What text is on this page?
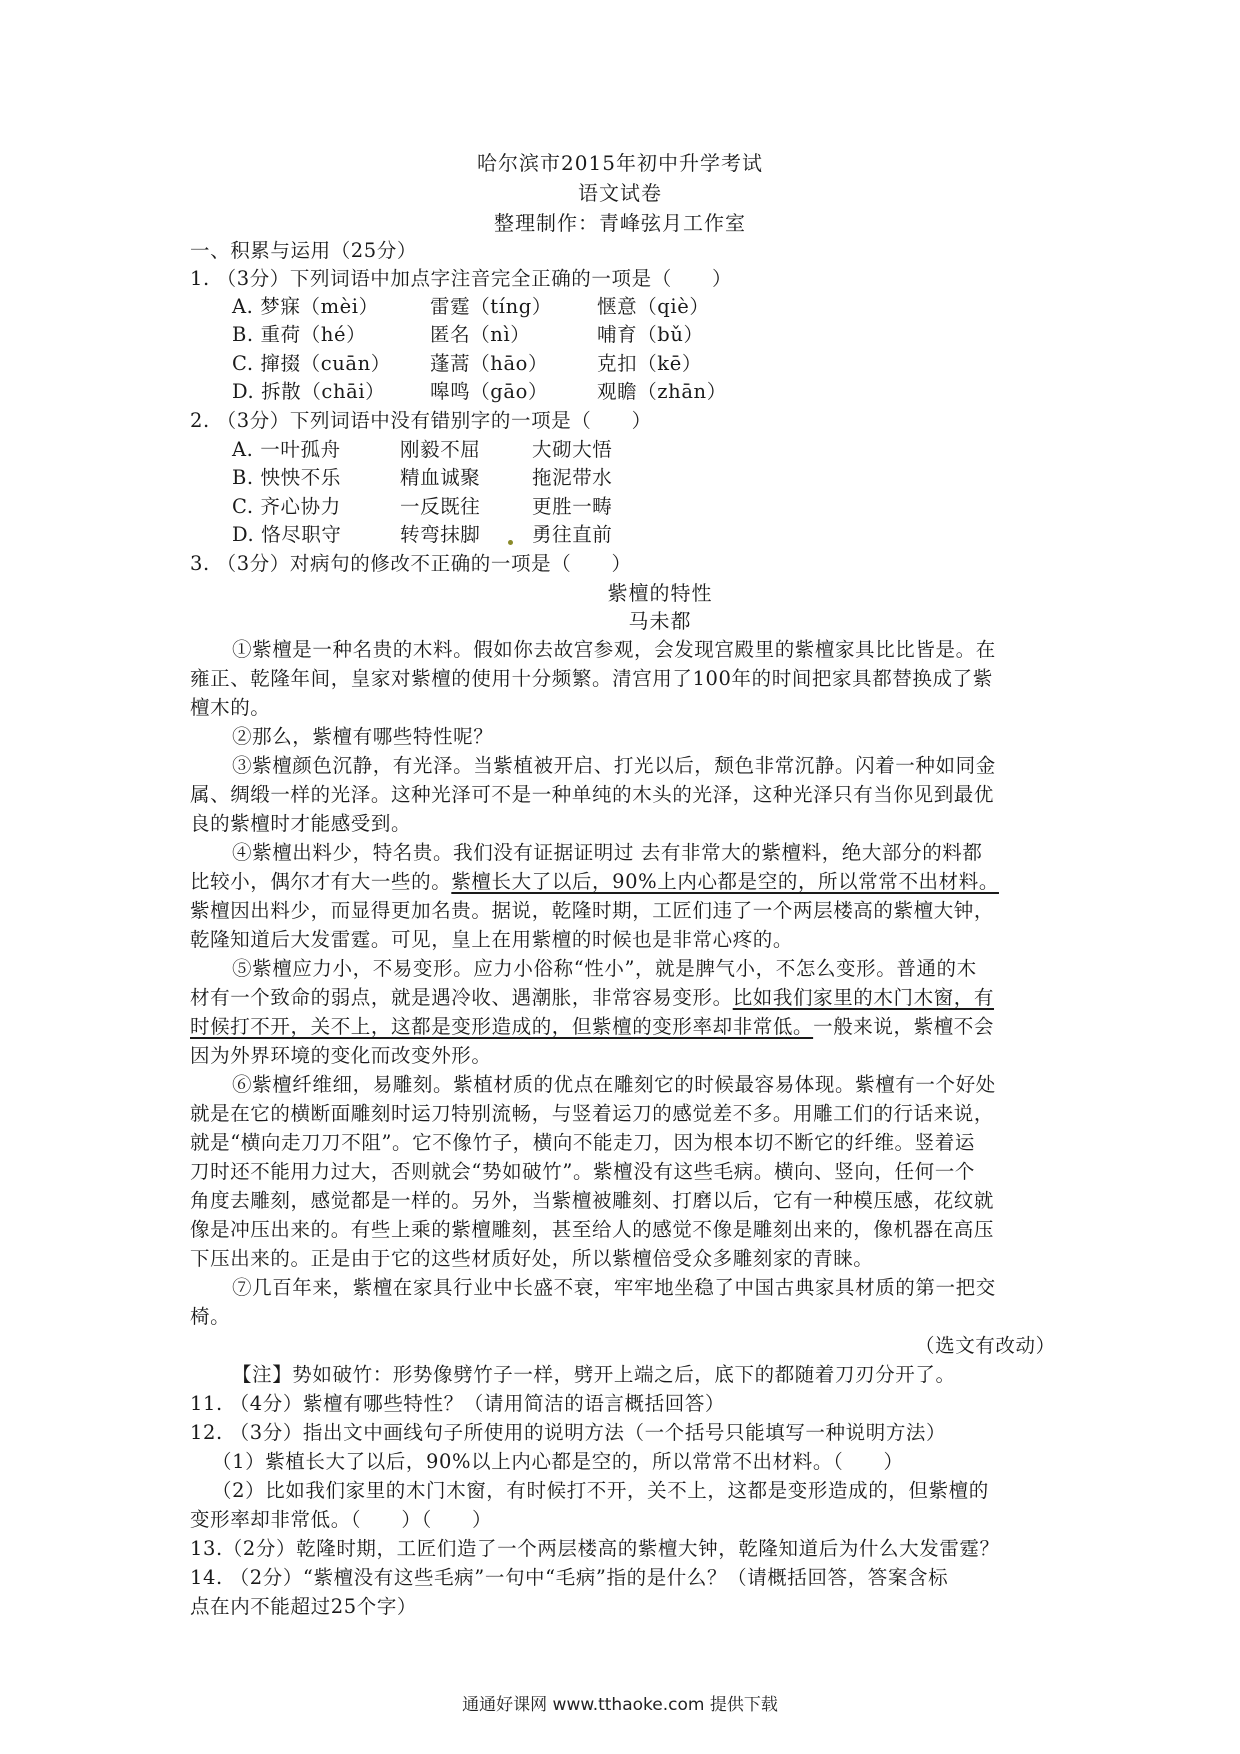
哈尔滨市2015年初中升学考试
语文试卷
整理制作：青峰弦月工作室
一、积累与运用（25分）
1. （3分）下列词语中加点字注音完全正确的一项是（　　）
A. 梦寐（mèi）	雷霆（tíng） 惬意（qiè）
B. 重荷（hé）	匿名（nì）	哺育（bǔ）
C. 撺掇（cuān） 蓬蒿（hāo）	克扣（kē）
D. 拆散（chāi） 嗥鸣（gāo）	观瞻（zhān）
2. （3分）下列词语中没有错别字的一项是（　　）
A. 一叶孤舟	刚毅不屈	大砌大悟
B. 怏怏不乐	精血诚聚	拖泥带水
C. 齐心协力	一反既往	更胜一畴
D. 恪尽职守	转弯抹脚	勇往直前
3. （3分）对病句的修改不正确的一项是（　　）
紫檀的特性
马未都
①紫檀是一种名贵的木料。假如你去故宫参观，会发现宫殿里的紫檀家具比比皆是。在
雍正、乾隆年间，皇家对紫檀的使用十分频繁。清宫用了100年的时间把家具都替换成了紫
檀木的。
②那么，紫檀有哪些特性呢？
③紫檀颜色沉静，有光泽。当紫植被开启、打光以后，颓色非常沉静。闪着一种如同金
属、绸缎一样的光泽。这种光泽可不是一种单纯的木头的光泽，这种光泽只有当你见到最优
良的紫檀时才能感受到。
④紫檀出料少，特名贵。我们没有证据证明过 去有非常大的紫檀料，绝大部分的料都
比较小，偶尔才有大一些的。紫檀长大了以后，90%上内心都是空的，所以常常不出材料。
紫檀因出料少，而显得更加名贵。据说，乾隆时期，工匠们违了一个两层楼高的紫檀大钟，
乾隆知道后大发雷霆。可见，皇上在用紫檀的时候也是非常心疼的。
⑤紫檀应力小，不易变形。应力小俗称“性小”，就是脾气小，不怎么变形。普通的木
材有一个致命的弱点，就是遇冷收、遇潮胀，非常容易变形。比如我们家里的木门木窗，有
时候打不开，关不上，这都是变形造成的，但紫檀的变形率却非常低。一般来说，紫檀不会
因为外界环境的变化而改变外形。
⑥紫檀纤维细，易雕刻。紫植材质的优点在雕刻它的时候最容易体现。紫檀有一个好处
就是在它的横断面雕刻时运刀特别流畅，与竖着运刀的感觉差不多。用雕工们的行话来说，
就是“横向走刀刀不阻”。它不像竹子，横向不能走刀，因为根本切不断它的纤维。竖着运
刀时还不能用力过大，否则就会“势如破竹”。紫檀没有这些毛病。横向、竖向，任何一个
角度去雕刻，感觉都是一样的。另外，当紫檀被雕刻、打磨以后，它有一种模压感，花纹就
像是冲压出来的。有些上乘的紫檀雕刻，甚至给人的感觉不像是雕刻出来的，像机器在高压
下压出来的。正是由于它的这些材质好处，所以紫檀倍受众多雕刻家的青睐。
⑦几百年来，紫檀在家具行业中长盛不衰，牢牢地坐稳了中国古典家具材质的第一把交
椅。
（选文有改动）
【注】势如破竹：形势像劈竹子一样，劈开上端之后，底下的都随着刀刃分开了。
11. （4分）紫檀有哪些特性？（请用简洁的语言概括回答）
12. （3分）指出文中画线句子所使用的说明方法（一个括号只能填写一种说明方法）
（1）紫植长大了以后，90%以上内心都是空的，所以常常不出材料。（　　）
（2）比如我们家里的木门木窗，有时候打不开，关不上，这都是变形造成的，但紫檀的
变形率却非常低。（　　）（　　）
13.（2分）乾隆时期，工匠们造了一个两层楼高的紫檀大钟，乾隆知道后为什么大发雷霆？
14. （2分）“紫檀没有这些毛病”一句中“毛病”指的是什么？（请概括回答，答案含标
点在内不能超过25个字）
通通好课网 www.tthaoke.com 提供下载
